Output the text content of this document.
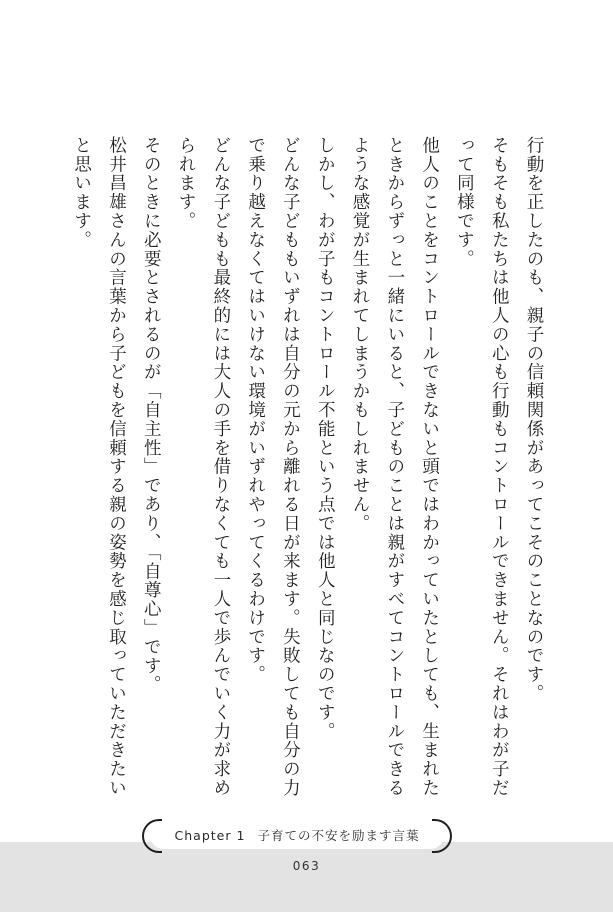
行動を正したのも、親子の信頼関係があってこそのことなのです。

そもそも私たちは他人の心も行動もコントロールできません。それはわが子だって同様です。

他人のことをコントロールできないと頭ではわかっていたとしても、生まれたときからずっと一緒にいると、子どものことは親がすべてコントロールできるような感覚が生まれてしまうかもしれません。

しかし、わが子もコントロール不能という点では他人と同じなのです。

どんな子どももいずれは自分の元から離れる日が来ます。失敗しても自分の力で乗り越えなくてはいけない環境がいずれやってくるわけです。

どんな子どもも最終的には大人の手を借りなくても一人で歩んでいく力が求められます。

そのときに必要とされるのが「自主性」であり、「自尊心」です。

松井昌雄さんの言葉から子どもを信頼する親の姿勢を感じ取っていただきたいと思います。

Chapter 1 子育ての不安を励ます言葉
063
